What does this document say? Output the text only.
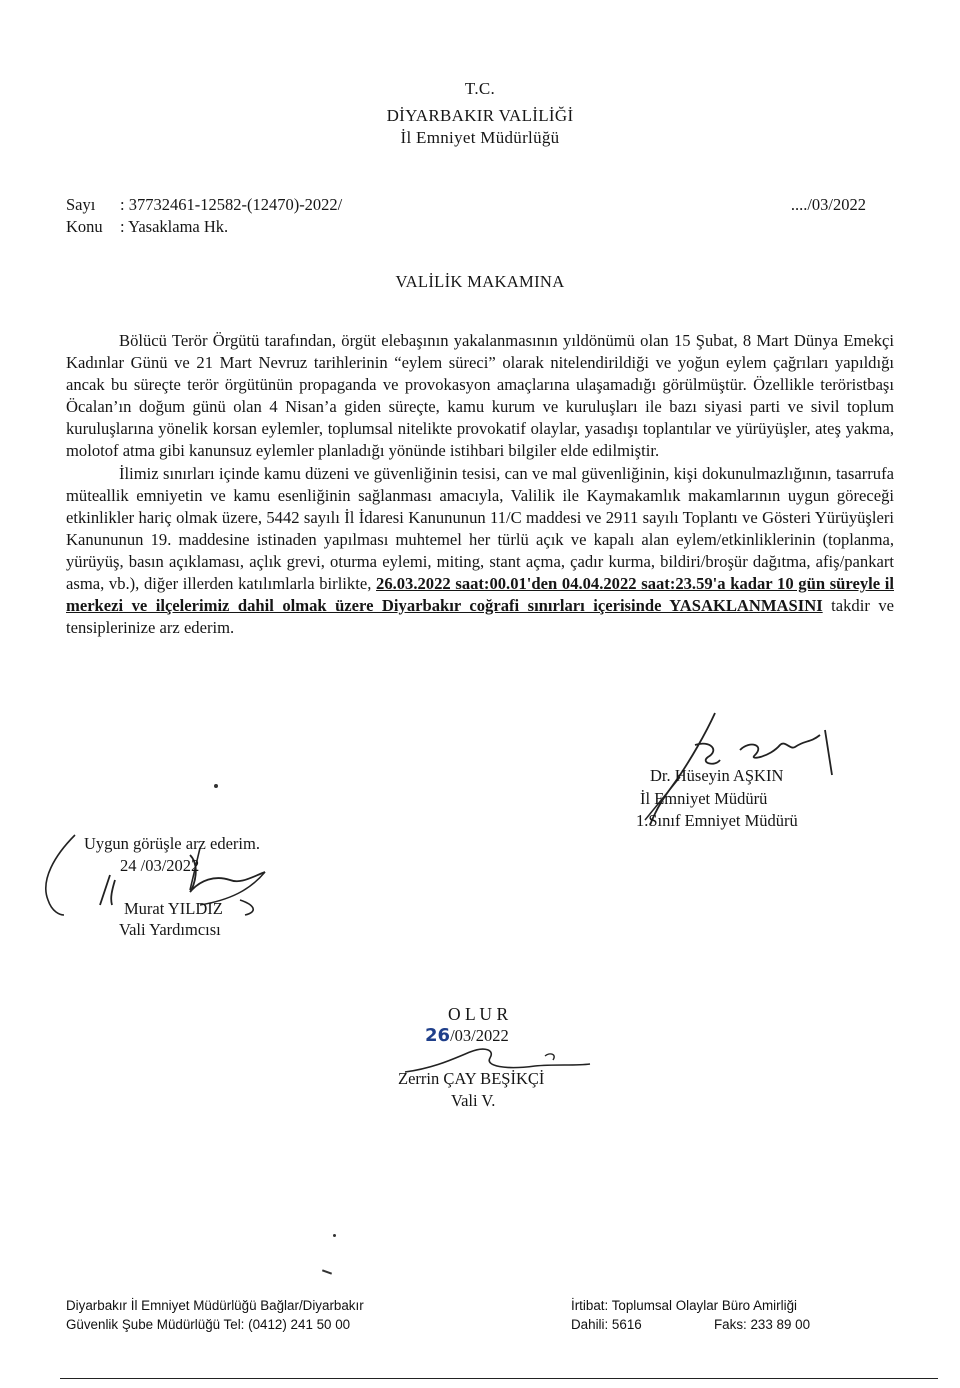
T.C.
DİYARBAKIR VALİLİĞİ
İl Emniyet Müdürlüğü
Sayı : 37732461-12582-(12470)-2022/
Konu : Yasaklama Hk.
..../03/2022
VALİLİK MAKAMINA

Bölücü Terör Örgütü tarafından, örgüt elebaşının yakalanmasının yıldönümü olan 15 Şubat, 8 Mart Dünya Emekçi Kadınlar Günü ve 21 Mart Nevruz tarihlerinin “eylem süreci” olarak nitelendirildiği ve yoğun eylem çağrıları yapıldığı ancak bu süreçte terör örgütünün propaganda ve provokasyon amaçlarına ulaşamadığı görülmüştür. Özellikle teröristbaşı Öcalan’ın doğum günü olan 4 Nisan’a giden süreçte, kamu kurum ve kuruluşları ile bazı siyasi parti ve sivil toplum kuruluşlarına yönelik korsan eylemler, toplumsal nitelikte provokatif olaylar, yasadışı toplantılar ve yürüyüşler, ateş yakma, molotof atma gibi kanunsuz eylemler planladığı yönünde istihbari bilgiler elde edilmiştir.

İlimiz sınırları içinde kamu düzeni ve güvenliğinin tesisi, can ve mal güvenliğinin, kişi dokunulmazlığının, tasarrufa müteallik emniyetin ve kamu esenliğinin sağlanması amacıyla, Valilik ile Kaymakamlık makamlarının uygun göreceği etkinlikler hariç olmak üzere, 5442 sayılı İl İdaresi Kanununun 11/C maddesi ve 2911 sayılı Toplantı ve Gösteri Yürüyüşleri Kanununun 19. maddesine istinaden yapılması muhtemel her türlü açık ve kapalı alan eylem/etkinliklerinin (toplanma, yürüyüş, basın açıklaması, açlık grevi, oturma eylemi, miting, stant açma, çadır kurma, bildiri/broşür dağıtma, afiş/pankart asma, vb.), diğer illerden katılımlarla birlikte, 26.03.2022 saat:00.01'den 04.04.2022 saat:23.59'a kadar 10 gün süreyle il merkezi ve ilçelerimiz dahil olmak üzere Diyarbakır coğrafi sınırları içerisinde YASAKLANMASINI takdir ve tensiplerinize arz ederim.

Dr. Hüseyin AŞKIN
İl Emniyet Müdürü
1.Sınıf Emniyet Müdürü
Uygun görüşle arz ederim.
24 /03/2022
Murat YILDIZ
Vali Yardımcısı
O L U R
26/03/2022
Zerrin ÇAY BEŞİKÇİ
Vali V.
Diyarbakır İl Emniyet Müdürlüğü Bağlar/Diyarbakır
Güvenlik Şube Müdürlüğü Tel: (0412) 241 50 00
İrtibat: Toplumsal Olaylar Büro Amirliği
Dahili: 5616	Faks: 233 89 00
